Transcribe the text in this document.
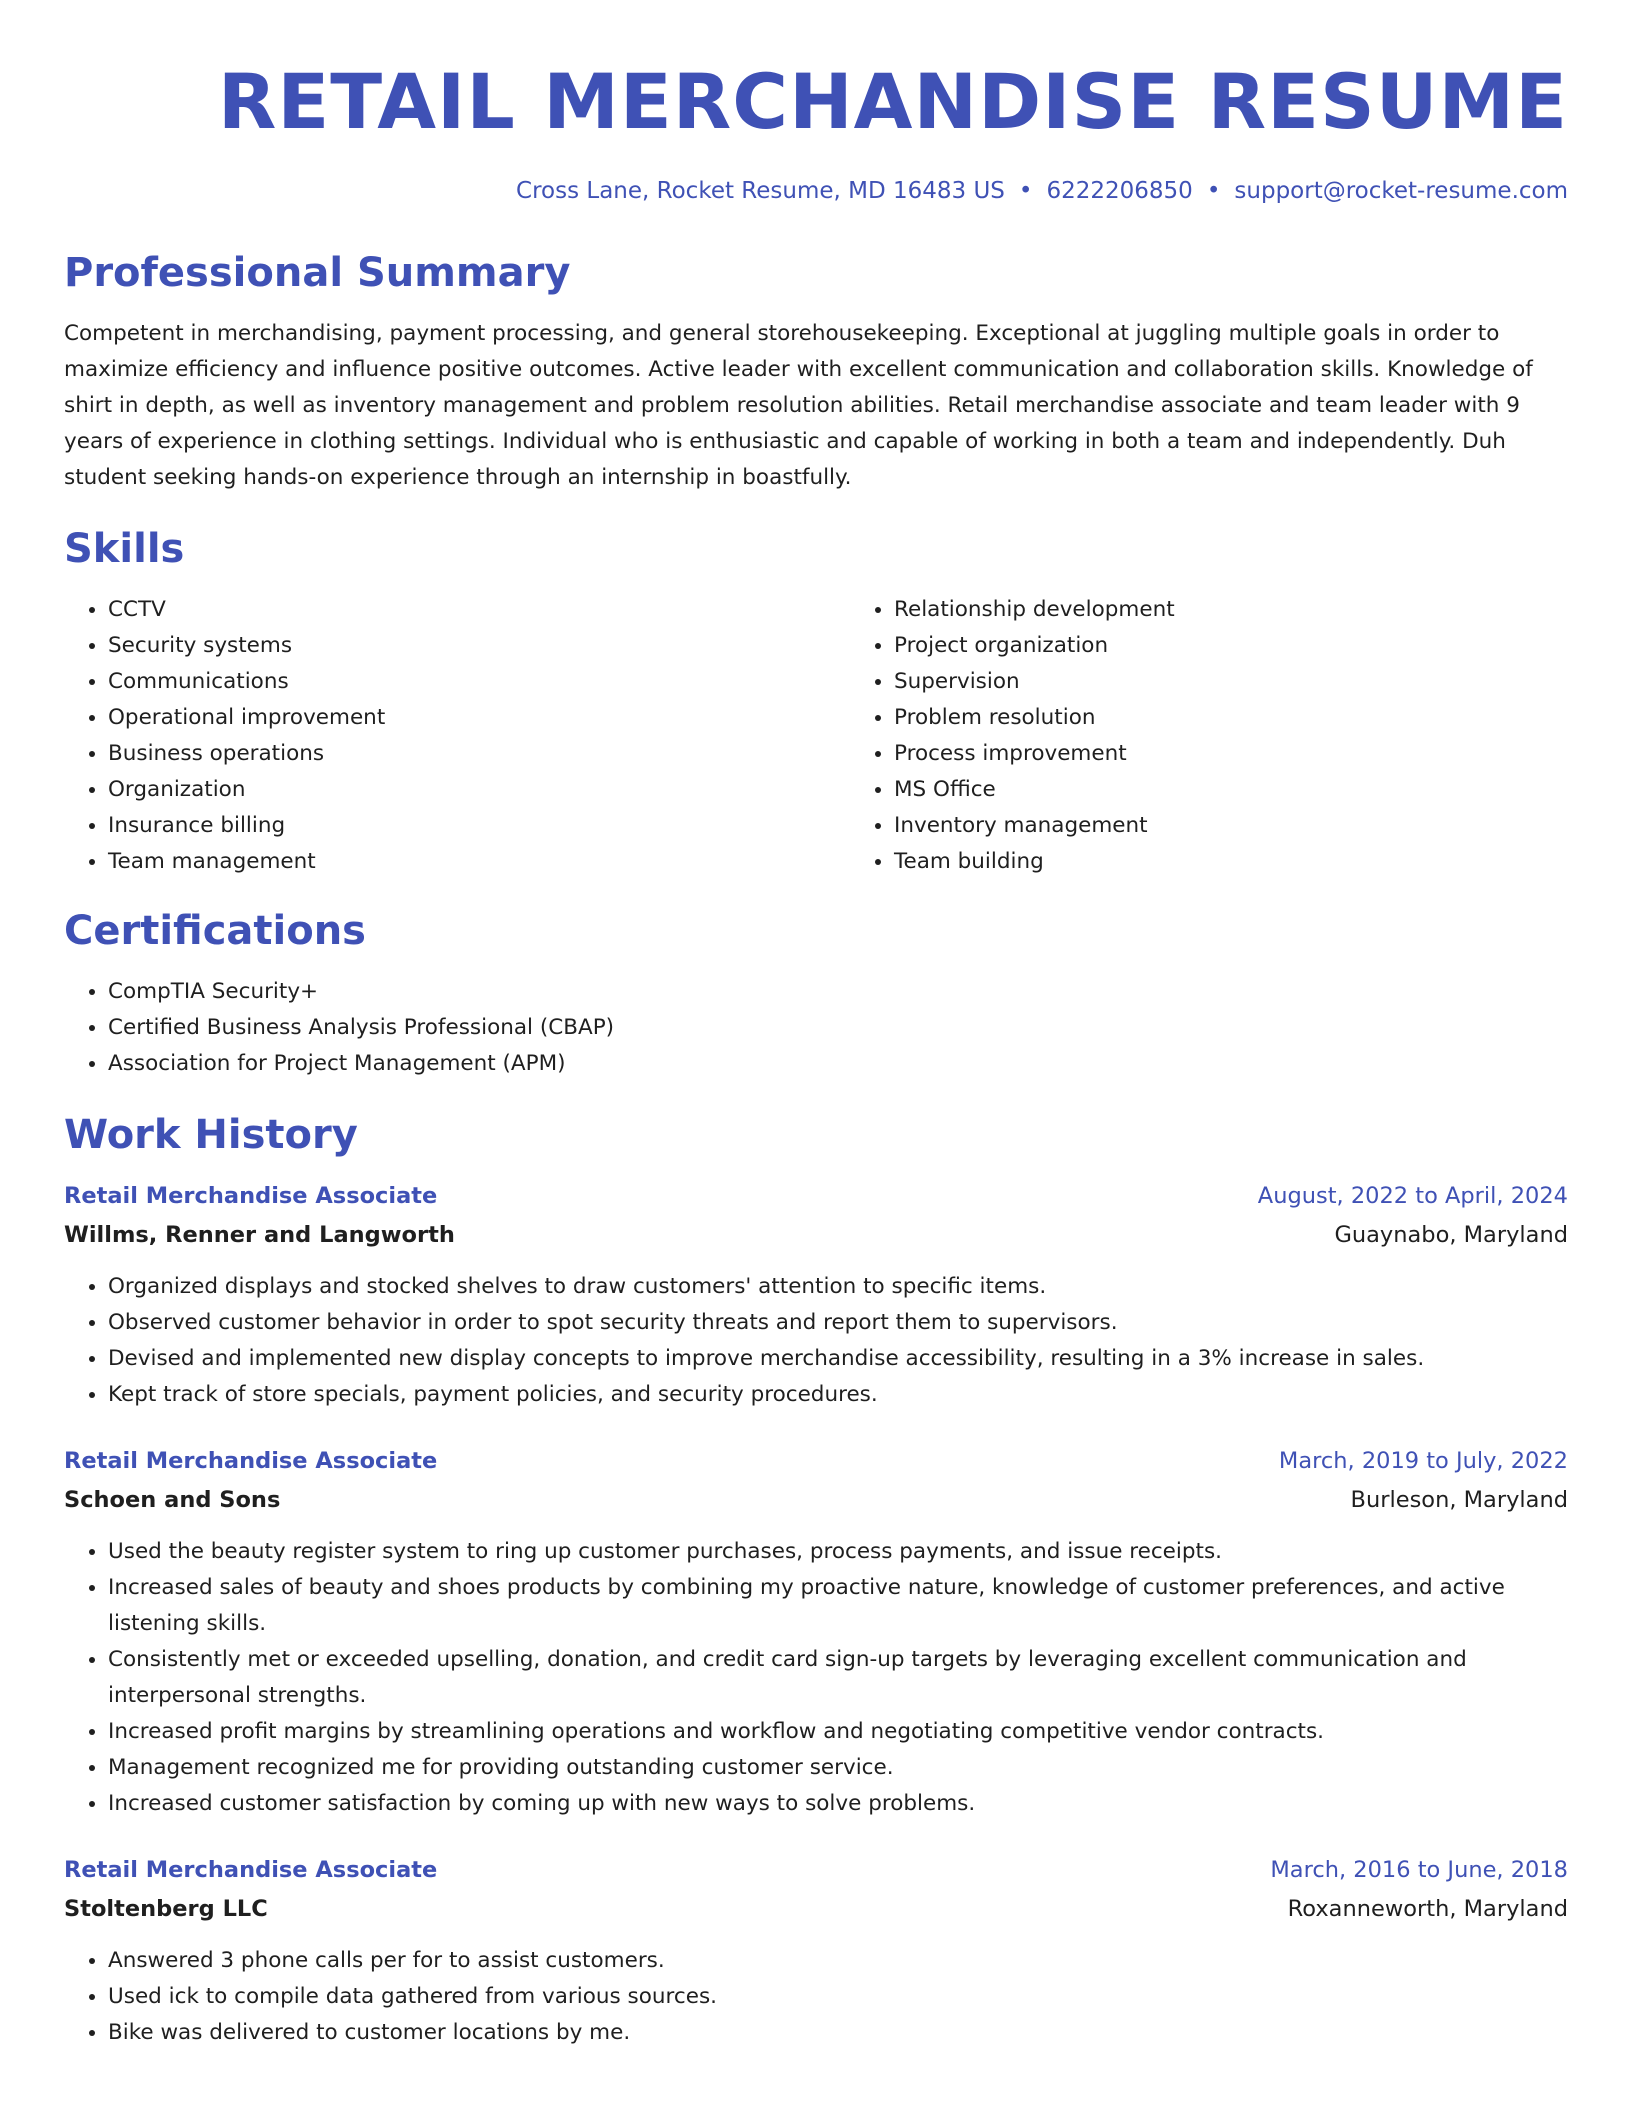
RETAIL MERCHANDISE RESUME
Cross Lane, Rocket Resume, MD 16483 US • 6222206850 • support@rocket-resume.com
Professional Summary
Competent in merchandising, payment processing, and general storehousekeeping. Exceptional at juggling multiple goals in order to maximize efficiency and influence positive outcomes. Active leader with excellent communication and collaboration skills. Knowledge of shirt in depth, as well as inventory management and problem resolution abilities. Retail merchandise associate and team leader with 9 years of experience in clothing settings. Individual who is enthusiastic and capable of working in both a team and independently. Duh student seeking hands-on experience through an internship in boastfully.
Skills
• CCTV
• Security systems
• Communications
• Operational improvement
• Business operations
• Organization
• Insurance billing
• Team management
• Relationship development
• Project organization
• Supervision
• Problem resolution
• Process improvement
• MS Office
• Inventory management
• Team building
Certifications
• CompTIA Security+
• Certified Business Analysis Professional (CBAP)
• Association for Project Management (APM)
Work History
Retail Merchandise Associate	August, 2022 to April, 2024
Willms, Renner and Langworth	Guaynabo, Maryland
• Organized displays and stocked shelves to draw customers' attention to specific items.
• Observed customer behavior in order to spot security threats and report them to supervisors.
• Devised and implemented new display concepts to improve merchandise accessibility, resulting in a 3% increase in sales.
• Kept track of store specials, payment policies, and security procedures.
Retail Merchandise Associate	March, 2019 to July, 2022
Schoen and Sons	Burleson, Maryland
• Used the beauty register system to ring up customer purchases, process payments, and issue receipts.
• Increased sales of beauty and shoes products by combining my proactive nature, knowledge of customer preferences, and active listening skills.
• Consistently met or exceeded upselling, donation, and credit card sign-up targets by leveraging excellent communication and interpersonal strengths.
• Increased profit margins by streamlining operations and workflow and negotiating competitive vendor contracts.
• Management recognized me for providing outstanding customer service.
• Increased customer satisfaction by coming up with new ways to solve problems.
Retail Merchandise Associate	March, 2016 to June, 2018
Stoltenberg LLC	Roxanneworth, Maryland
• Answered 3 phone calls per for to assist customers.
• Used ick to compile data gathered from various sources.
• Bike was delivered to customer locations by me.
